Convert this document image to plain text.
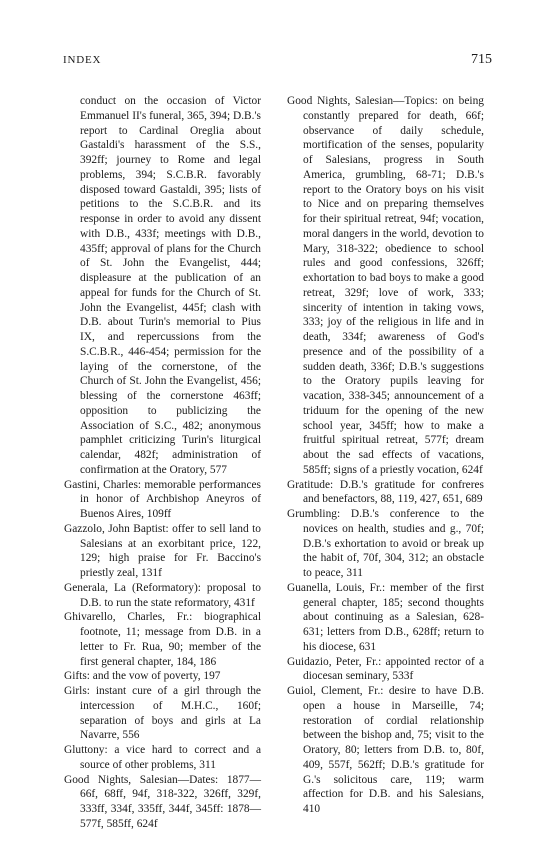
INDEX	715

conduct on the occasion of Victor Emmanuel II's funeral, 365, 394; D.B.'s report to Cardinal Oreglia about Gastaldi's harassment of the S.S., 392ff; journey to Rome and legal problems, 394; S.C.B.R. favorably disposed toward Gastaldi, 395; lists of petitions to the S.C.B.R. and its response in order to avoid any dissent with D.B., 433f; meetings with D.B., 435ff; approval of plans for the Church of St. John the Evangelist, 444; displeasure at the publication of an appeal for funds for the Church of St. John the Evangelist, 445f; clash with D.B. about Turin's memorial to Pius IX, and repercussions from the S.C.B.R., 446-454; permission for the laying of the cornerstone, of the Church of St. John the Evangelist, 456; blessing of the cornerstone 463ff; opposition to publicizing the Association of S.C., 482; anonymous pamphlet criticizing Turin's liturgical calendar, 482f; administration of confirmation at the Oratory, 577

Gastini, Charles: memorable performances in honor of Archbishop Aneyros of Buenos Aires, 109ff

Gazzolo, John Baptist: offer to sell land to Salesians at an exorbitant price, 122, 129; high praise for Fr. Baccino's priestly zeal, 131f

Generala, La (Reformatory): proposal to D.B. to run the state reformatory, 431f

Ghivarello, Charles, Fr.: biographical footnote, 11; message from D.B. in a letter to Fr. Rua, 90; member of the first general chapter, 184, 186

Gifts: and the vow of poverty, 197

Girls: instant cure of a girl through the intercession of M.H.C., 160f; separation of boys and girls at La Navarre, 556

Gluttony: a vice hard to correct and a source of other problems, 311

Good Nights, Salesian—Dates: 1877—66f, 68ff, 94f, 318-322, 326ff, 329f, 333ff, 334f, 335ff, 344f, 345ff: 1878—577f, 585ff, 624f

Good Nights, Salesian—Topics: on being constantly prepared for death, 66f; observance of daily schedule, mortification of the senses, popularity of Salesians, progress in South America, grumbling, 68-71; D.B.'s report to the Oratory boys on his visit to Nice and on preparing themselves for their spiritual retreat, 94f; vocation, moral dangers in the world, devotion to Mary, 318-322; obedience to school rules and good confessions, 326ff; exhortation to bad boys to make a good retreat, 329f; love of work, 333; sincerity of intention in taking vows, 333; joy of the religious in life and in death, 334f; awareness of God's presence and of the possibility of a sudden death, 336f; D.B.'s suggestions to the Oratory pupils leaving for vacation, 338-345; announcement of a triduum for the opening of the new school year, 345ff; how to make a fruitful spiritual retreat, 577f; dream about the sad effects of vacations, 585ff; signs of a priestly vocation, 624f

Gratitude: D.B.'s gratitude for confreres and benefactors, 88, 119, 427, 651, 689

Grumbling: D.B.'s conference to the novices on health, studies and g., 70f; D.B.'s exhortation to avoid or break up the habit of, 70f, 304, 312; an obstacle to peace, 311

Guanella, Louis, Fr.: member of the first general chapter, 185; second thoughts about continuing as a Salesian, 628-631; letters from D.B., 628ff; return to his diocese, 631

Guidazio, Peter, Fr.: appointed rector of a diocesan seminary, 533f

Guiol, Clement, Fr.: desire to have D.B. open a house in Marseille, 74; restoration of cordial relationship between the bishop and, 75; visit to the Oratory, 80; letters from D.B. to, 80f, 409, 557f, 562ff; D.B.'s gratitude for G.'s solicitous care, 119; warm affection for D.B. and his Salesians, 410
